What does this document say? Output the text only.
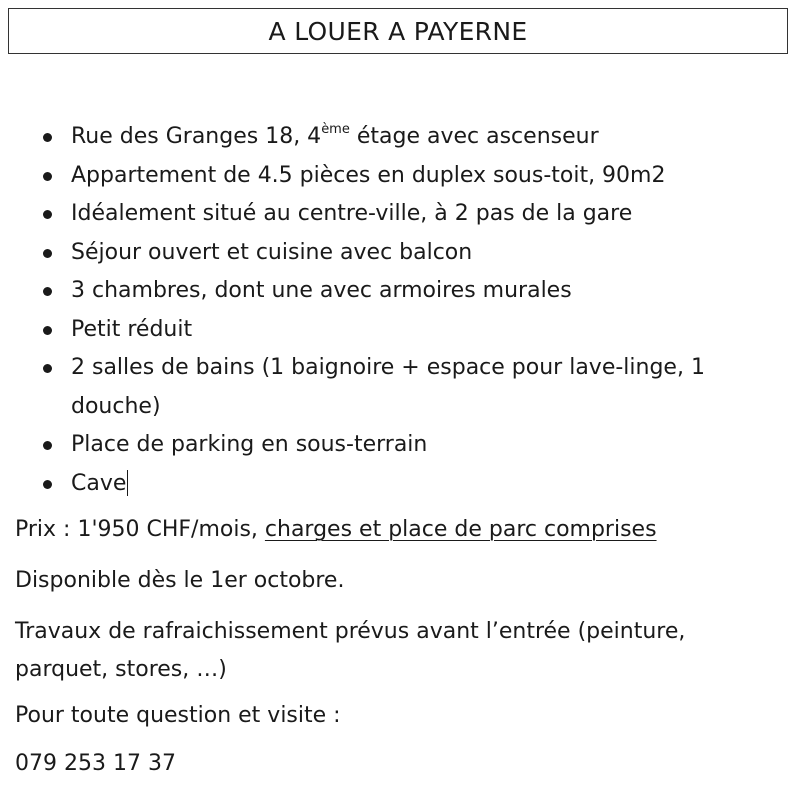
A LOUER A PAYERNE
Rue des Granges 18, 4ème étage avec ascenseur
Appartement de 4.5 pièces en duplex sous-toit, 90m2
Idéalement situé au centre-ville, à 2 pas de la gare
Séjour ouvert et cuisine avec balcon
3 chambres, dont une avec armoires murales
Petit réduit
2 salles de bains (1 baignoire + espace pour lave-linge, 1 douche)
Place de parking en sous-terrain
Cave

Prix : 1'950 CHF/mois, charges et place de parc comprises

Disponible dès le 1er octobre.

Travaux de rafraichissement prévus avant l’entrée (peinture, parquet, stores, …)

Pour toute question et visite :

079 253 17 37
